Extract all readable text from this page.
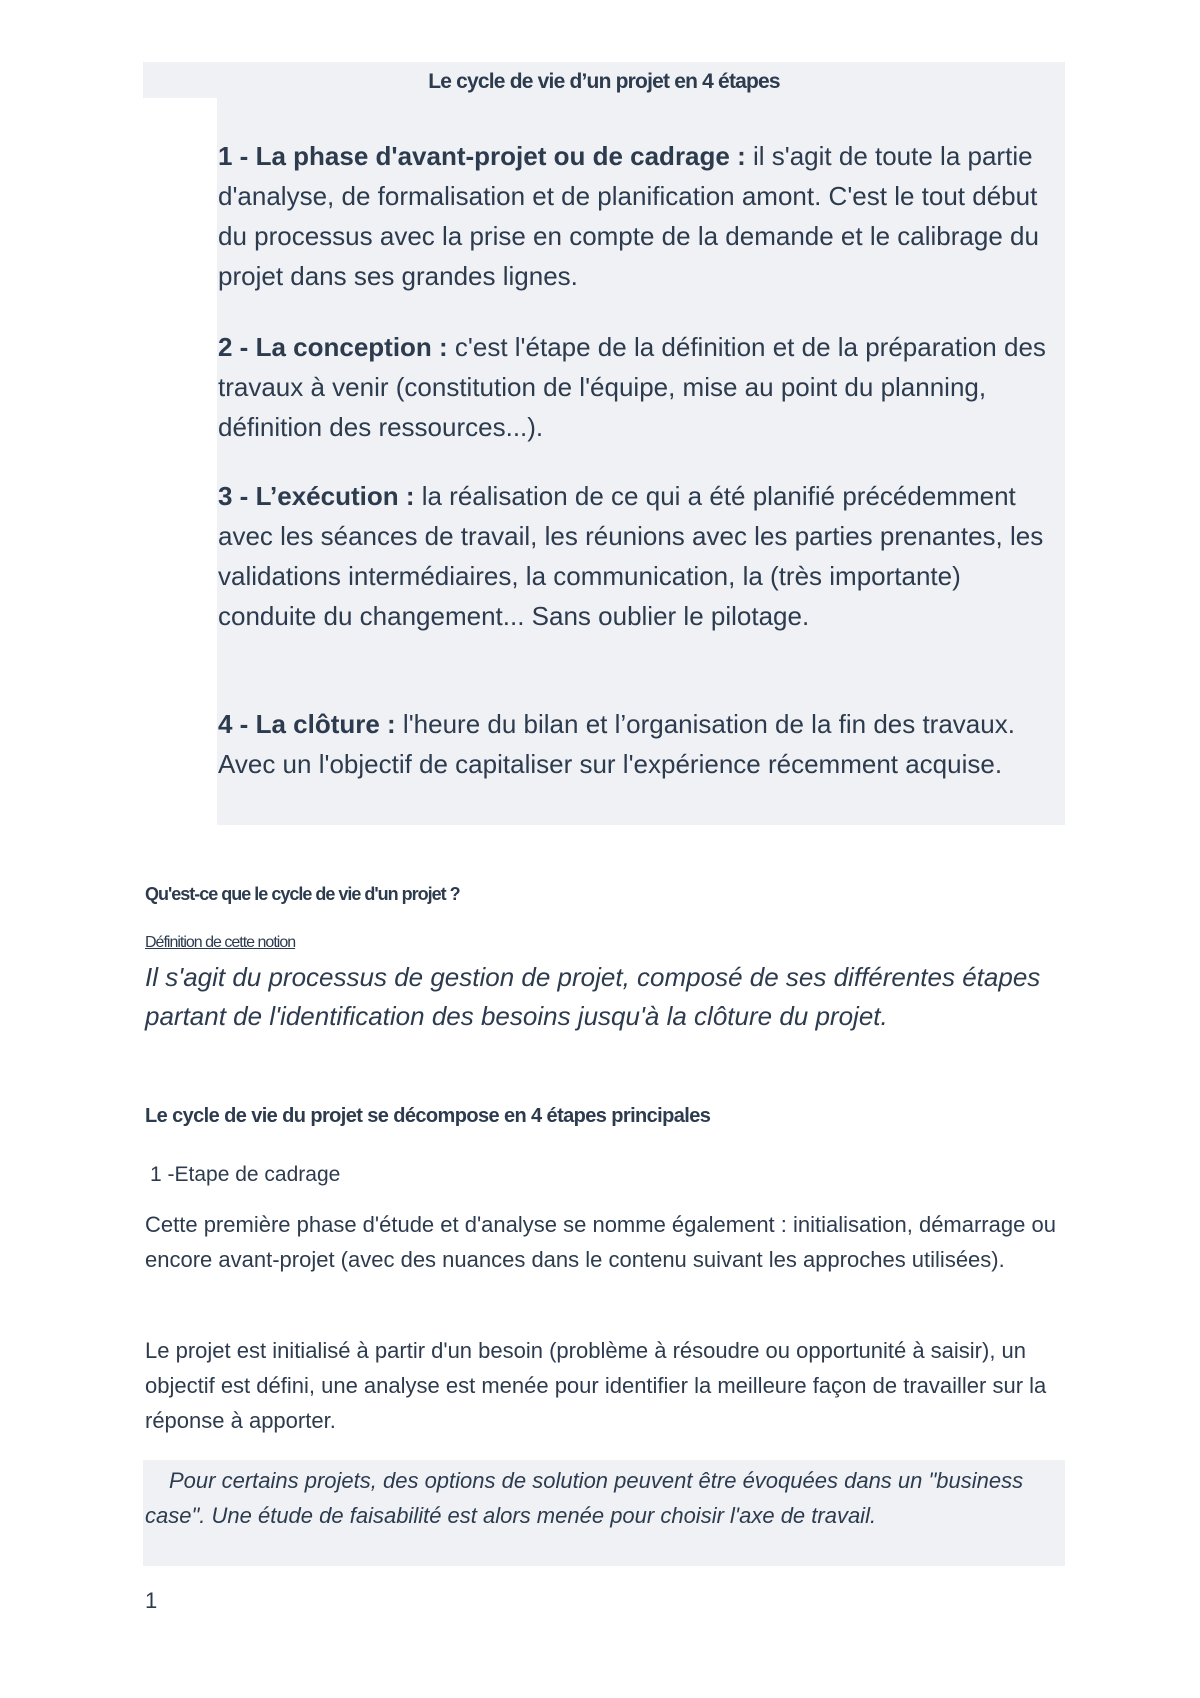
Le cycle de vie d’un projet en 4 étapes
1 - La phase d'avant-projet ou de cadrage : il s'agit de toute la partie d'analyse, de formalisation et de planification amont. C'est le tout début du processus avec la prise en compte de la demande et le calibrage du projet dans ses grandes lignes.
2 - La conception : c'est l'étape de la définition et de la préparation des travaux à venir (constitution de l'équipe, mise au point du planning, définition des ressources...).
3 - L’exécution : la réalisation de ce qui a été planifié précédemment avec les séances de travail, les réunions avec les parties prenantes, les validations intermédiaires, la communication, la (très importante) conduite du changement... Sans oublier le pilotage.
4 - La clôture : l'heure du bilan et l’organisation de la fin des travaux. Avec un l'objectif de capitaliser sur l'expérience récemment acquise.
Qu'est-ce que le cycle de vie d'un projet ?
Définition de cette notion
Il s'agit du processus de gestion de projet, composé de ses différentes étapes partant de l'identification des besoins jusqu'à la clôture du projet.
Le cycle de vie du projet se décompose en 4 étapes principales
1 -Etape de cadrage
Cette première phase d'étude et d'analyse se nomme également : initialisation, démarrage ou encore avant-projet (avec des nuances dans le contenu suivant les approches utilisées).
Le projet est initialisé à partir d'un besoin (problème à résoudre ou opportunité à saisir), un objectif est défini, une analyse est menée pour identifier la meilleure façon de travailler sur la réponse à apporter.
Pour certains projets, des options de solution peuvent être évoquées dans un "business case". Une étude de faisabilité est alors menée pour choisir l'axe de travail.
1
